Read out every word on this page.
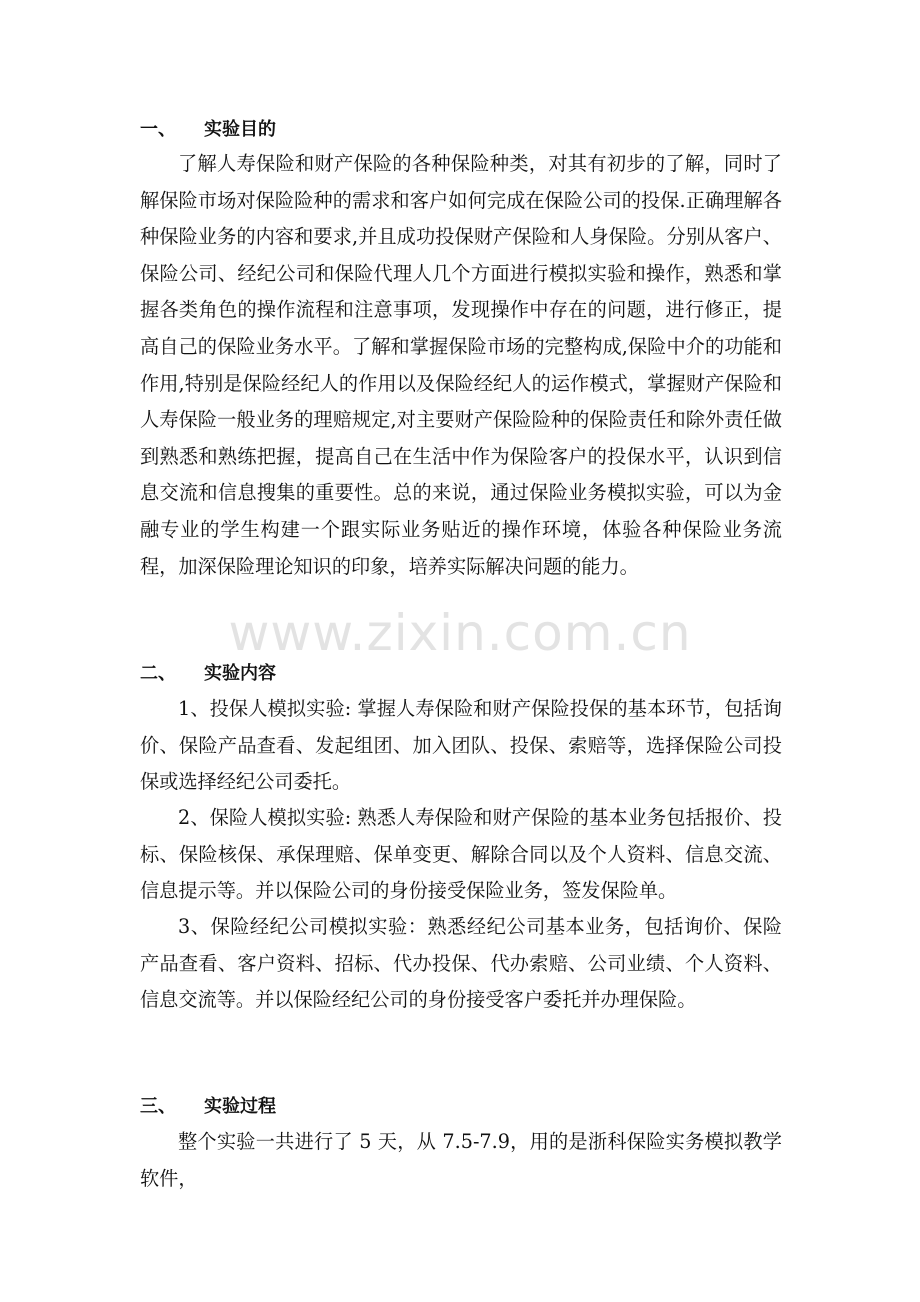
一、 实验目的

了解人寿保险和财产保险的各种保险种类，对其有初步的了解，同时了解保险市场对保险险种的需求和客户如何完成在保险公司的投保.正确理解各种保险业务的内容和要求,并且成功投保财产保险和人身保险。分别从客户、保险公司、经纪公司和保险代理人几个方面进行模拟实验和操作，熟悉和掌握各类角色的操作流程和注意事项，发现操作中存在的问题，进行修正，提高自己的保险业务水平。了解和掌握保险市场的完整构成,保险中介的功能和作用,特别是保险经纪人的作用以及保险经纪人的运作模式，掌握财产保险和人寿保险一般业务的理赔规定,对主要财产保险险种的保险责任和除外责任做到熟悉和熟练把握，提高自己在生活中作为保险客户的投保水平，认识到信息交流和信息搜集的重要性。总的来说，通过保险业务模拟实验，可以为金融专业的学生构建一个跟实际业务贴近的操作环境，体验各种保险业务流程，加深保险理论知识的印象，培养实际解决问题的能力。

www.zixin.com.cn
二、 实验内容

1、投保人模拟实验: 掌握人寿保险和财产保险投保的基本环节，包括询价、保险产品查看、发起组团、加入团队、投保、索赔等，选择保险公司投保或选择经纪公司委托。

2、保险人模拟实验: 熟悉人寿保险和财产保险的基本业务包括报价、投标、保险核保、承保理赔、保单变更、解除合同以及个人资料、信息交流、信息提示等。并以保险公司的身份接受保险业务，签发保险单。

3、保险经纪公司模拟实验：熟悉经纪公司基本业务，包括询价、保险产品查看、客户资料、招标、代办投保、代办索赔、公司业绩、个人资料、信息交流等。并以保险经纪公司的身份接受客户委托并办理保险。

三、 实验过程

整个实验一共进行了 5 天，从 7.5-7.9，用的是浙科保险实务模拟教学软件，
